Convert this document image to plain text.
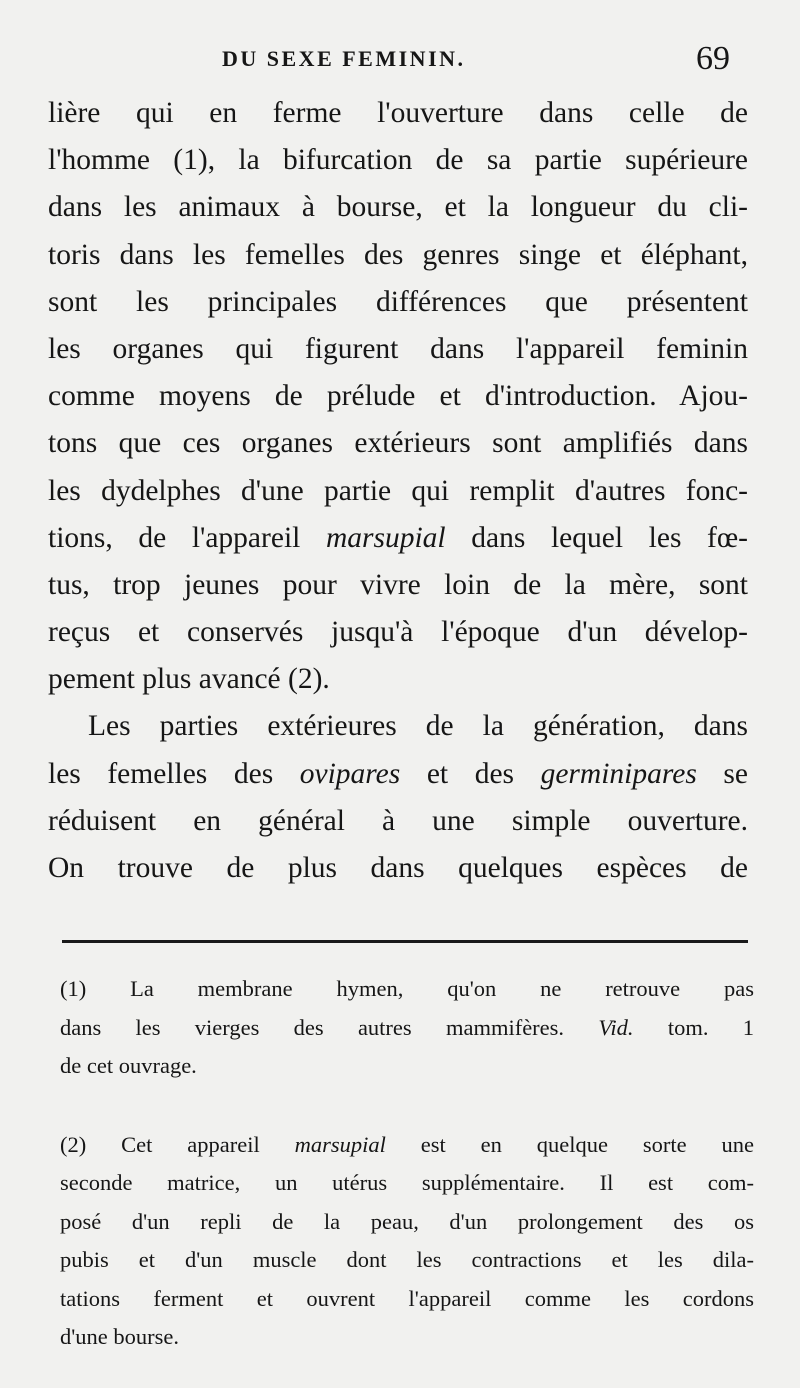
DU SEXE FEMININ.	69
lière qui en ferme l'ouverture dans celle de
l'homme (1), la bifurcation de sa partie supérieure
dans les animaux à bourse, et la longueur du cli-
toris dans les femelles des genres singe et éléphant,
sont les principales différences que présentent
les organes qui figurent dans l'appareil feminin
comme moyens de prélude et d'introduction. Ajou-
tons que ces organes extérieurs sont amplifiés dans
les dydelphes d'une partie qui remplit d'autres fonc-
tions, de l'appareil marsupial dans lequel les fœ-
tus, trop jeunes pour vivre loin de la mère, sont
reçus et conservés jusqu'à l'époque d'un dévelop-
pement plus avancé (2).
Les parties extérieures de la génération, dans
les femelles des ovipares et des germinipares se
réduisent en général à une simple ouverture.
On trouve de plus dans quelques espèces de
(1) La membrane hymen, qu'on ne retrouve pas
dans les vierges des autres mammifères. Vid. tom. 1
de cet ouvrage.
(2) Cet appareil marsupial est en quelque sorte une
seconde matrice, un utérus supplémentaire. Il est com-
posé d'un repli de la peau, d'un prolongement des os
pubis et d'un muscle dont les contractions et les dila-
tations ferment et ouvrent l'appareil comme les cordons
d'une bourse.
